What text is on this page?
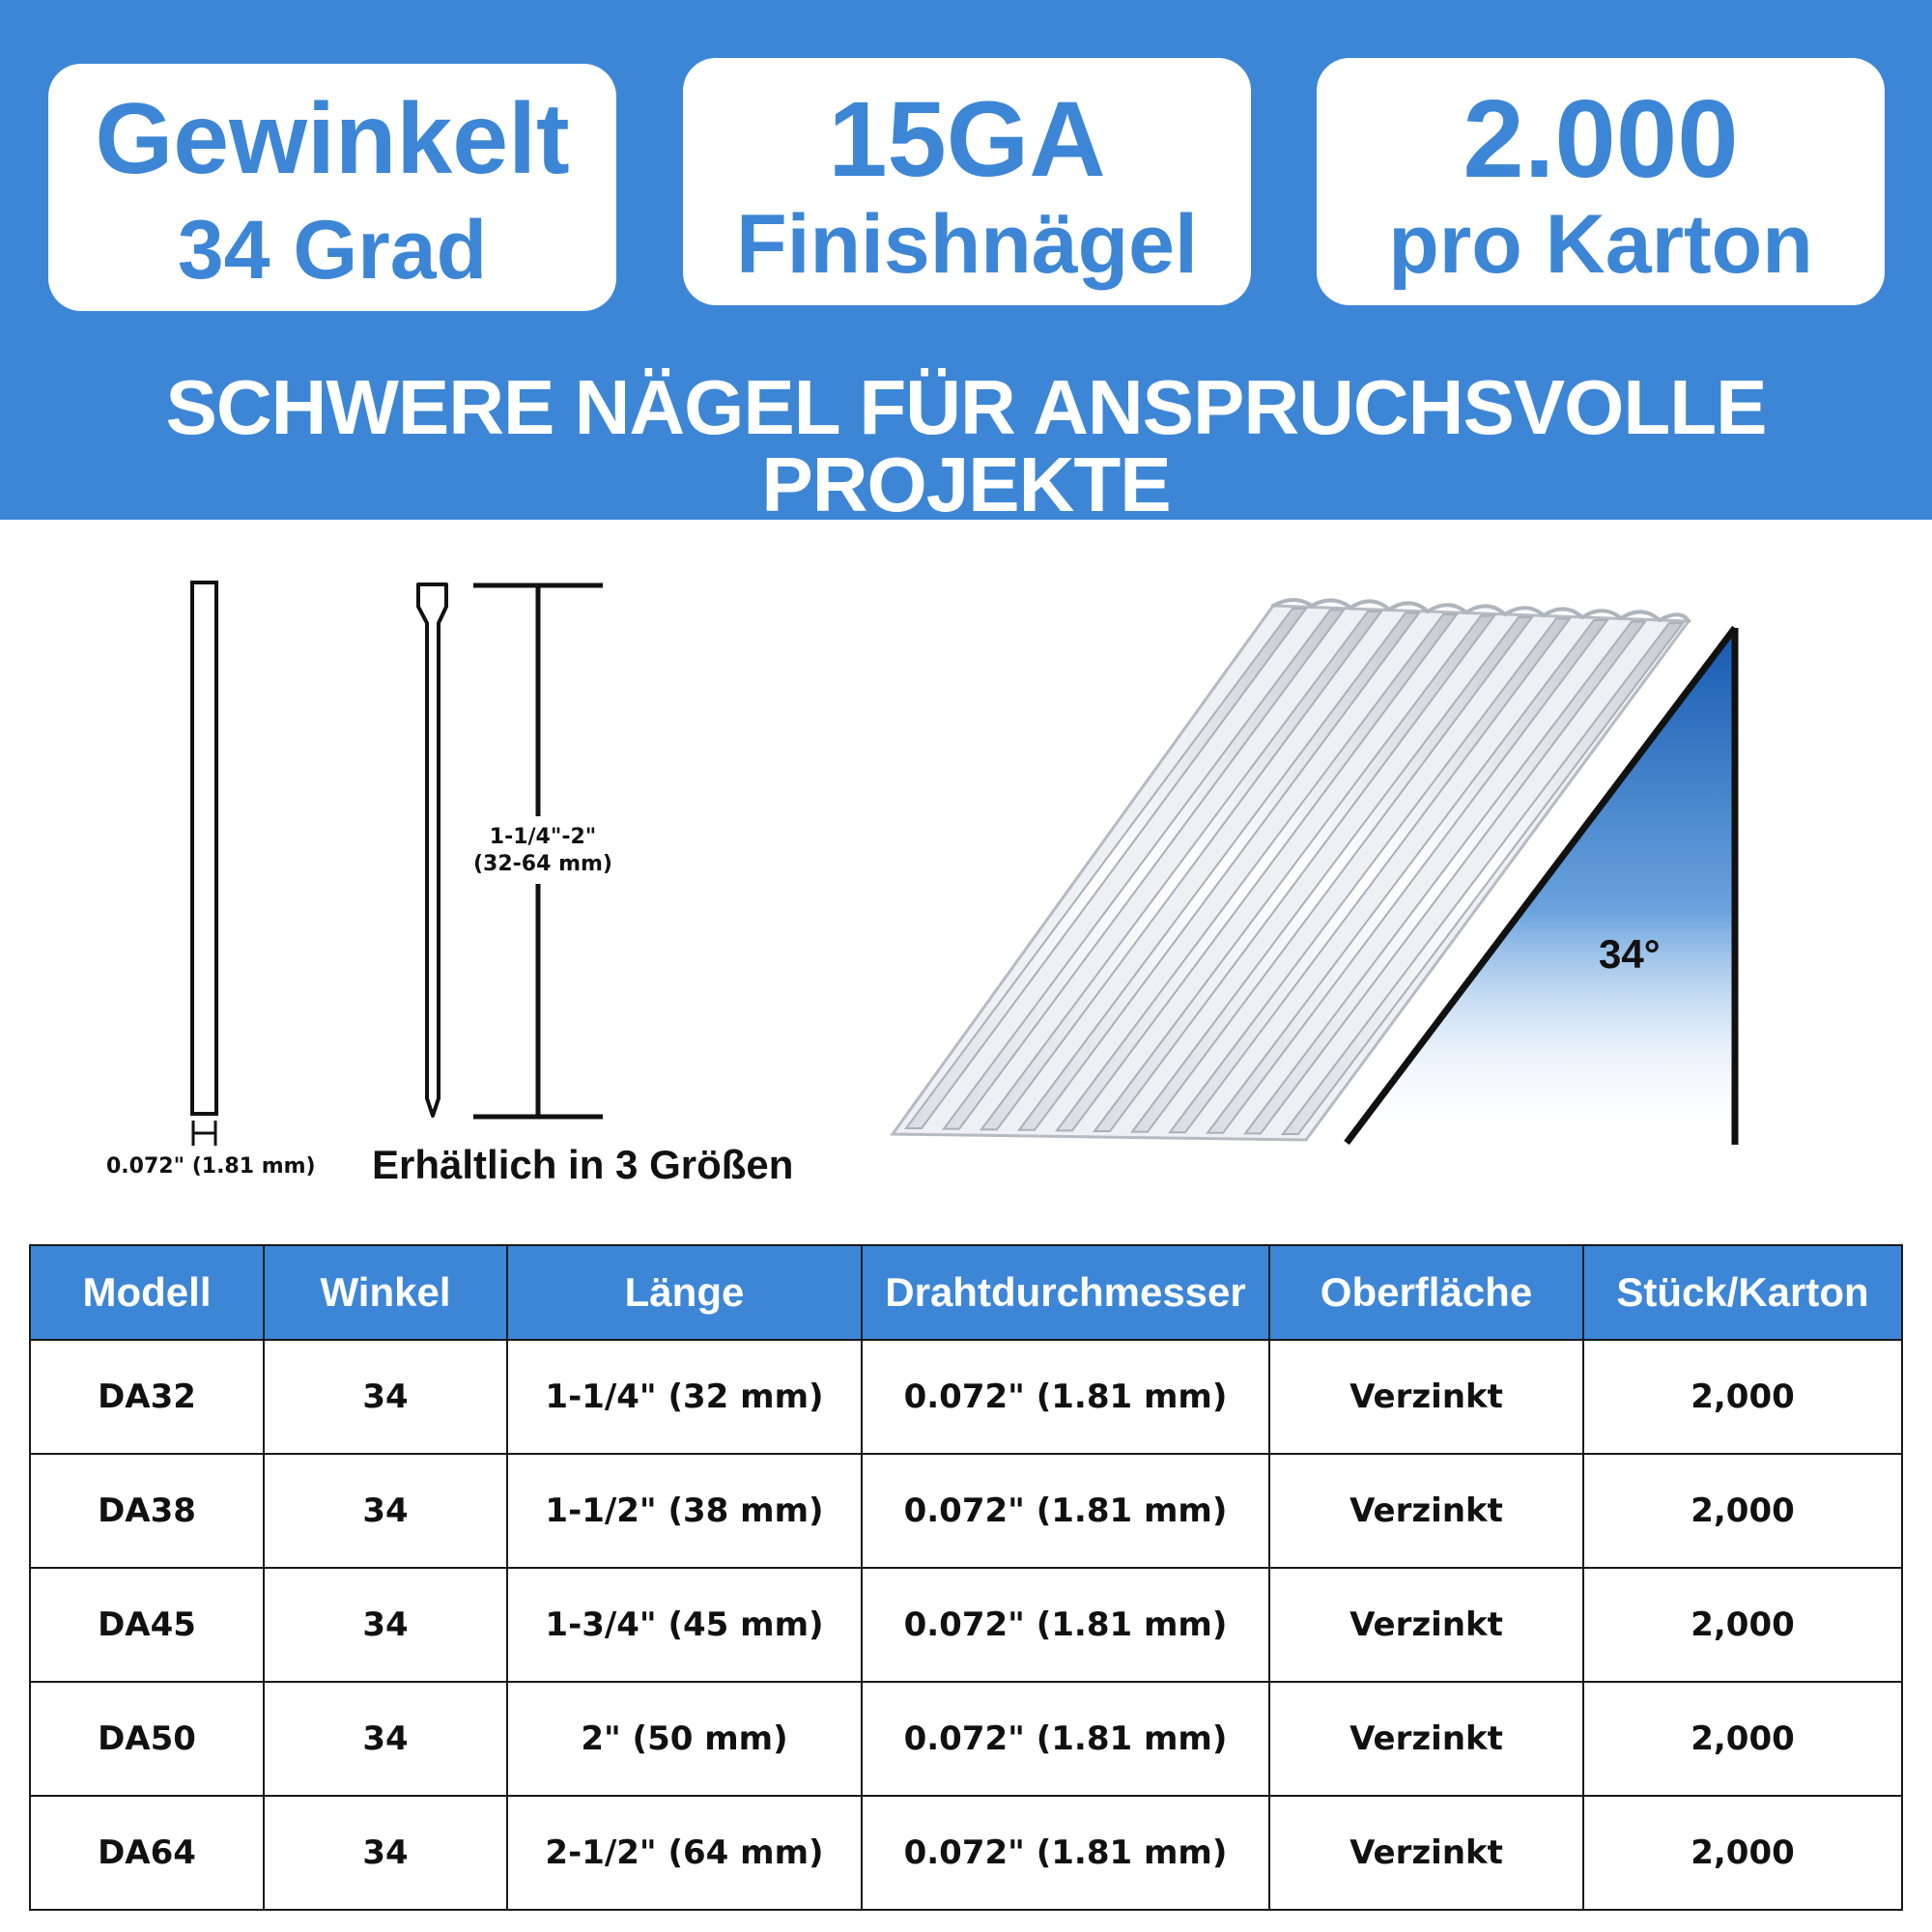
Gewinkelt
34 Grad
15GA
Finishnägel
2.000
pro Karton
SCHWERE NÄGEL FÜR ANSPRUCHSVOLLE PROJEKTE
0.072" (1.81 mm)
1-1/4"-2"
(32-64 mm)
Erhältlich in 3 Größen
34°
Modell	Winkel	Länge	Drahtdurchmesser	Oberfläche	Stück/Karton
DA32	34	1-1/4" (32 mm)	0.072" (1.81 mm)	Verzinkt	2,000
DA38	34	1-1/2" (38 mm)	0.072" (1.81 mm)	Verzinkt	2,000
DA45	34	1-3/4" (45 mm)	0.072" (1.81 mm)	Verzinkt	2,000
DA50	34	2" (50 mm)	0.072" (1.81 mm)	Verzinkt	2,000
DA64	34	2-1/2" (64 mm)	0.072" (1.81 mm)	Verzinkt	2,000
